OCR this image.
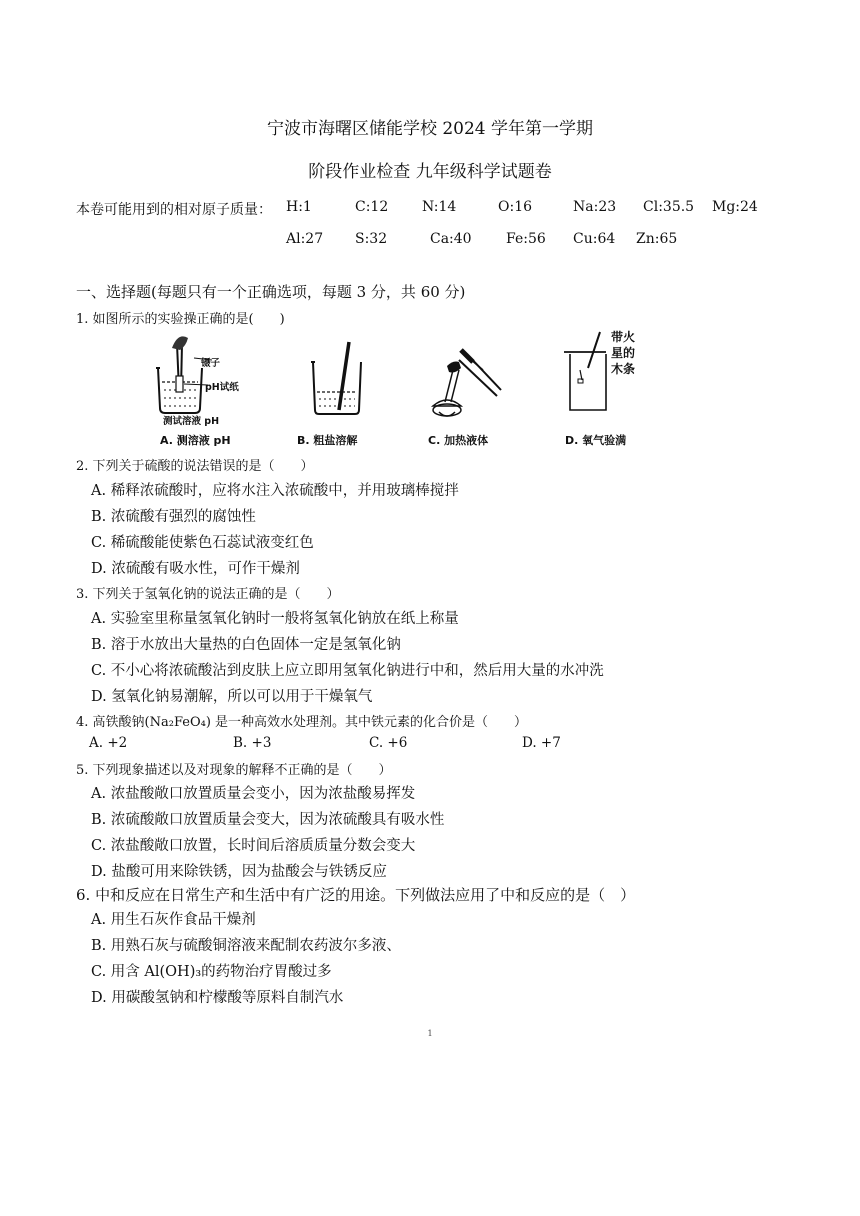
宁波市海曙区储能学校 2024 学年第一学期
阶段作业检查 九年级科学试题卷
本卷可能用到的相对原子质量： H:1	C:12 N:14	O:16	Na:23 Cl:35.5 Mg:24
Al:27 S:32	Ca:40 Fe:56 Cu:64 Zn:65
一、选择题(每题只有一个正确选项，每题 3 分，共 60 分)
1. 如图所示的实验操正确的是(　　)
镊子
pH试纸
测试溶液 pH
A. 测溶液 pH	B. 粗盐溶解	C. 加热液体
带火
星的
木条
D. 氧气验满
2. 下列关于硫酸的说法错误的是（　　）
A. 稀释浓硫酸时，应将水注入浓硫酸中，并用玻璃棒搅拌
B. 浓硫酸有强烈的腐蚀性
C. 稀硫酸能使紫色石蕊试液变红色
D. 浓硫酸有吸水性，可作干燥剂
3. 下列关于氢氧化钠的说法正确的是（　　）
A. 实验室里称量氢氧化钠时一般将氢氧化钠放在纸上称量
B. 溶于水放出大量热的白色固体一定是氢氧化钠
C. 不小心将浓硫酸沾到皮肤上应立即用氢氧化钠进行中和，然后用大量的水冲洗
D. 氢氧化钠易潮解，所以可以用于干燥氧气
4. 高铁酸钠(Na₂FeO₄) 是一种高效水处理剂。其中铁元素的化合价是（　　）
A. +2	B. +3	C. +6	D. +7
5. 下列现象描述以及对现象的解释不正确的是（　　）
A. 浓盐酸敞口放置质量会变小，因为浓盐酸易挥发
B. 浓硫酸敞口放置质量会变大，因为浓硫酸具有吸水性
C. 浓盐酸敞口放置，长时间后溶质质量分数会变大
D. 盐酸可用来除铁锈，因为盐酸会与铁锈反应
6. 中和反应在日常生产和生活中有广泛的用途。下列做法应用了中和反应的是（　）
A. 用生石灰作食品干燥剂
B. 用熟石灰与硫酸铜溶液来配制农药波尔多液、
C. 用含 Al(OH)₃的药物治疗胃酸过多
D. 用碳酸氢钠和柠檬酸等原料自制汽水
1
